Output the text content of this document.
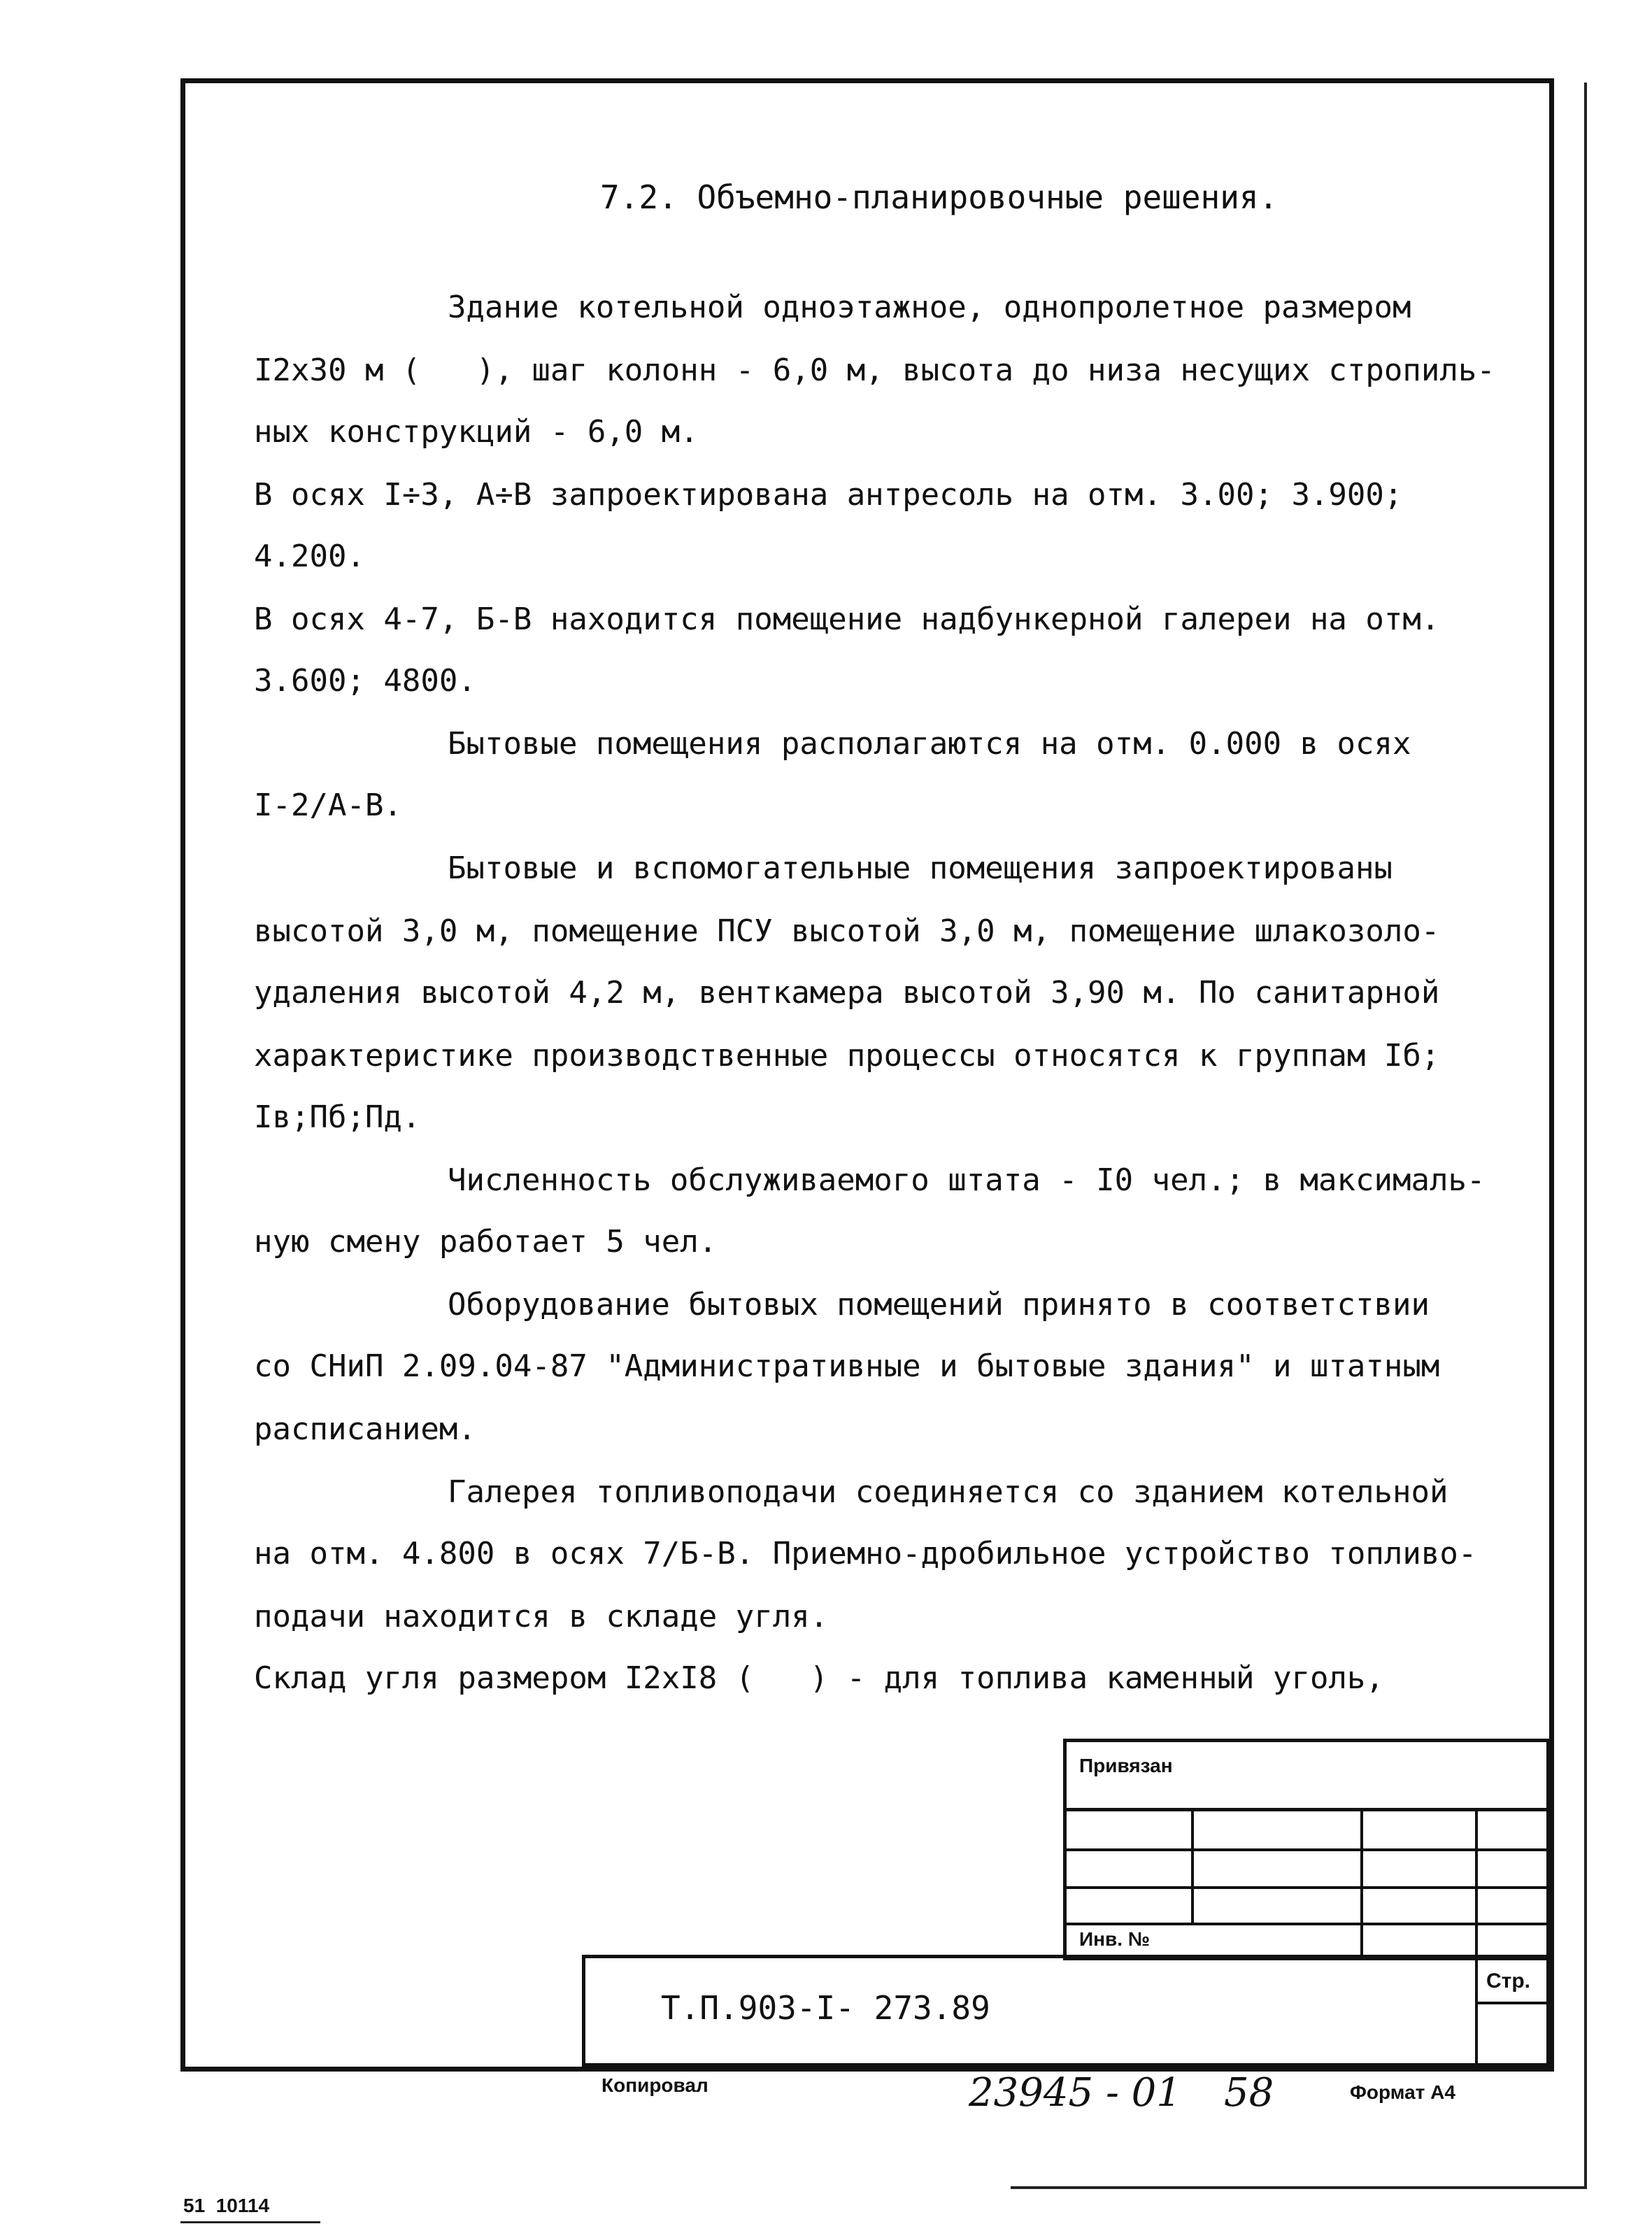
7.2. Объемно-планировочные решения.
Здание котельной одноэтажное, однопролетное размером
I2x30 м (   ), шаг колонн - 6,0 м, высота до низа несущих стропиль-
ных конструкций - 6,0 м.
В осях I÷3, А÷В запроектирована антресоль на отм. 3.00; 3.900;
4.200.
В осях 4-7, Б-В находится помещение надбункерной галереи на отм.
3.600; 4800.
Бытовые помещения располагаются на отм. 0.000 в осях
I-2/А-В.
Бытовые и вспомогательные помещения запроектированы
высотой 3,0 м, помещение ПСУ высотой 3,0 м, помещение шлакозоло-
удаления высотой 4,2 м, венткамера высотой 3,90 м. По санитарной
характеристике производственные процессы относятся к группам Iб;
Iв;Пб;Пд.
Численность обслуживаемого штата - I0 чел.; в максималь-
ную смену работает 5 чел.
Оборудование бытовых помещений принято в соответствии
со СНиП 2.09.04-87 "Административные и бытовые здания" и штатным
расписанием.
Галерея топливоподачи соединяется со зданием котельной
на отм. 4.800 в осях 7/Б-В. Приемно-дробильное устройство топливо-
подачи находится в складе угля.
Склад угля размером I2xI8 (   ) - для топлива каменный уголь,
Привязан
Инв. №
Т.П.903-I- 273.89
Стр.
Копировал	23945 - 01 58	Формат А4
51  10114
